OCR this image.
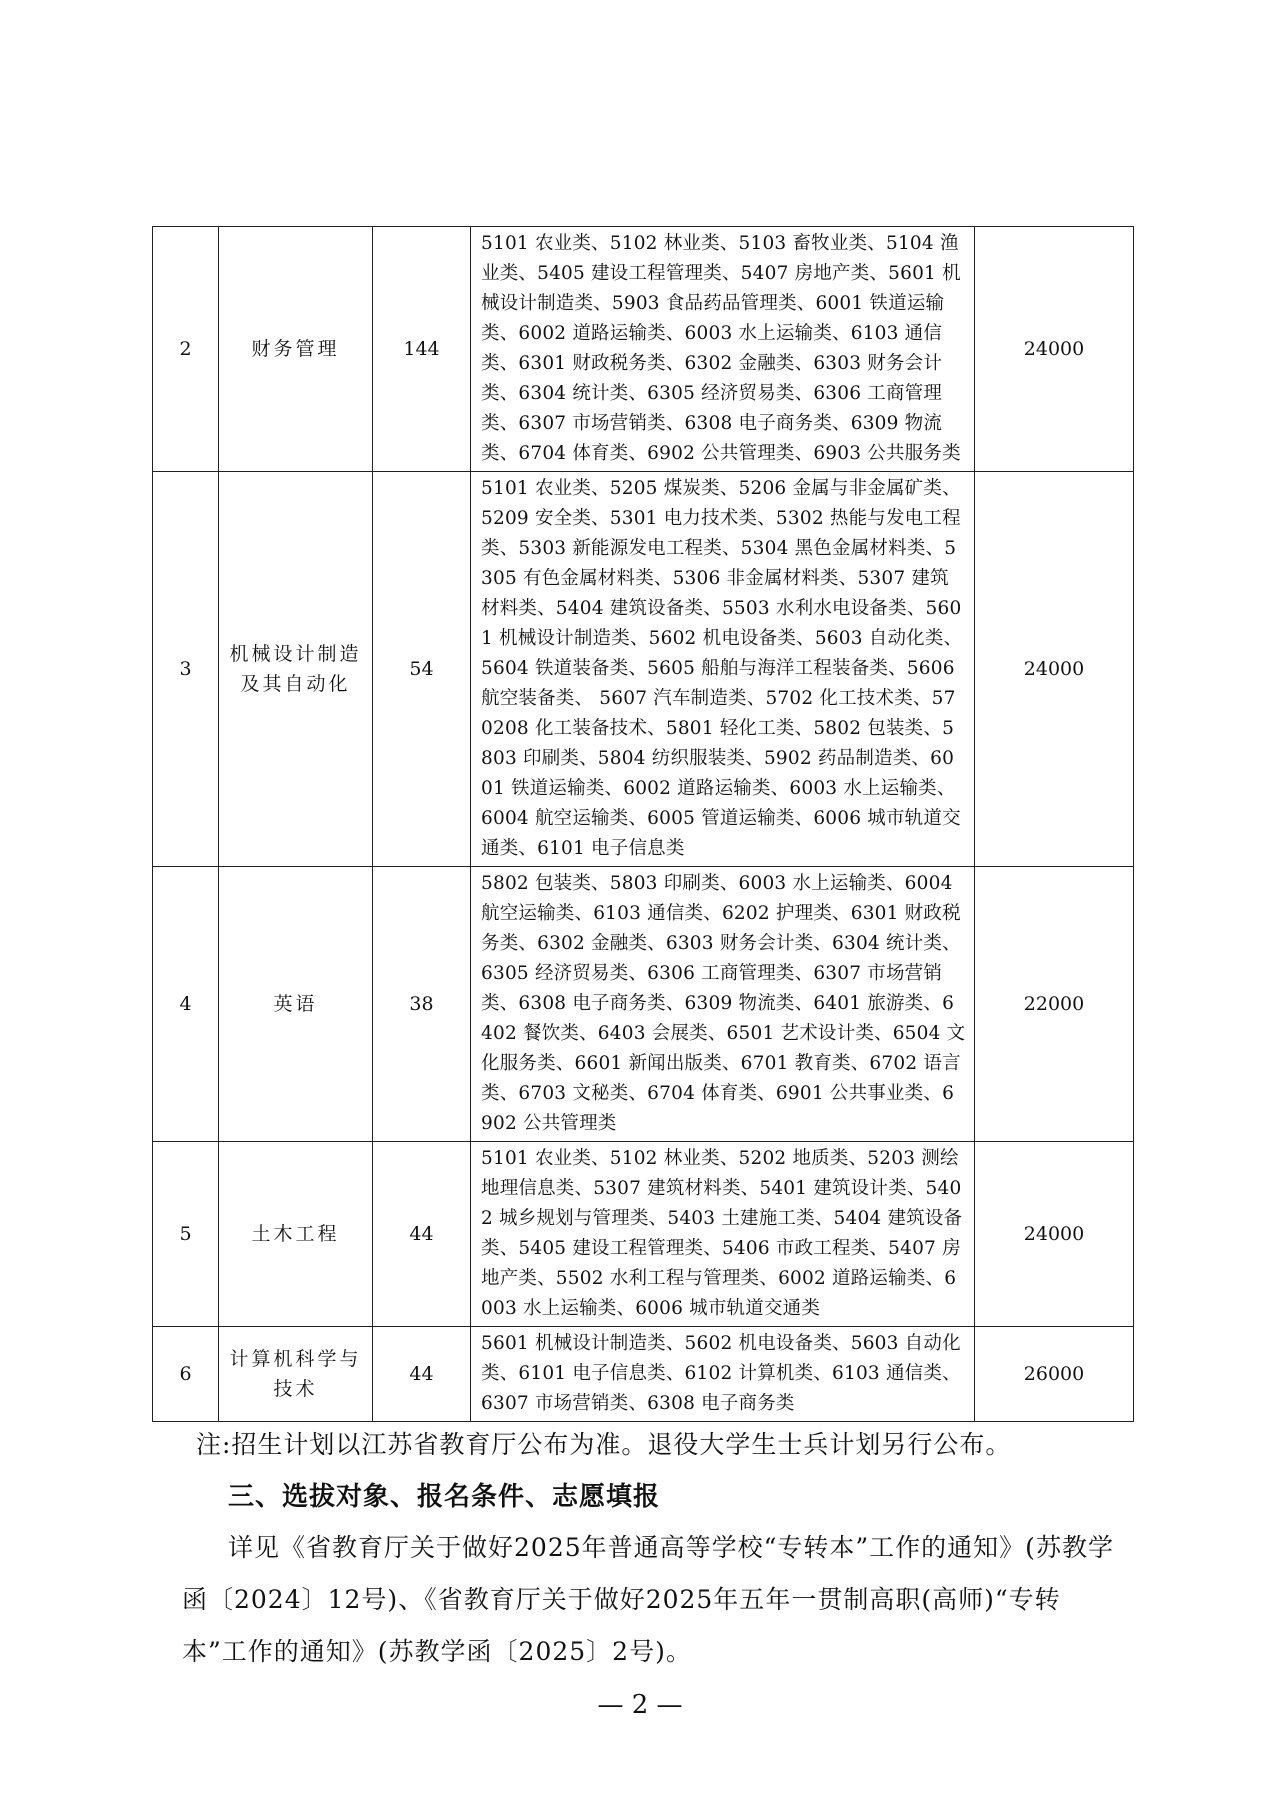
2	财务管理	144	5101 农业类、5102 林业类、5103 畜牧业类、5104 渔业类、5405 建设工程管理类、5407 房地产类、5601 机械设计制造类、5903 食品药品管理类、6001 铁道运输类、6002 道路运输类、6003 水上运输类、6103 通信类、6301 财政税务类、6302 金融类、6303 财务会计类、6304 统计类、6305 经济贸易类、6306 工商管理类、6307 市场营销类、6308 电子商务类、6309 物流类、6704 体育类、6902 公共管理类、6903 公共服务类	24000
3	机械设计制造及其自动化	54	5101 农业类、5205 煤炭类、5206 金属与非金属矿类、5209 安全类、5301 电力技术类、5302 热能与发电工程类、5303 新能源发电工程类、5304 黑色金属材料类、5305 有色金属材料类、5306 非金属材料类、5307 建筑材料类、5404 建筑设备类、5503 水利水电设备类、5601 机械设计制造类、5602 机电设备类、5603 自动化类、5604 铁道装备类、5605 船舶与海洋工程装备类、5606 航空装备类、 5607 汽车制造类、5702 化工技术类、570208 化工装备技术、5801 轻化工类、5802 包装类、5803 印刷类、5804 纺织服装类、5902 药品制造类、6001 铁道运输类、6002 道路运输类、6003 水上运输类、6004 航空运输类、6005 管道运输类、6006 城市轨道交通类、6101 电子信息类	24000
4	英语	38	5802 包装类、5803 印刷类、6003 水上运输类、6004 航空运输类、6103 通信类、6202 护理类、6301 财政税务类、6302 金融类、6303 财务会计类、6304 统计类、6305 经济贸易类、6306 工商管理类、6307 市场营销类、6308 电子商务类、6309 物流类、6401 旅游类、6402 餐饮类、6403 会展类、6501 艺术设计类、6504 文化服务类、6601 新闻出版类、6701 教育类、6702 语言类、6703 文秘类、6704 体育类、6901 公共事业类、6902 公共管理类	22000
5	土木工程	44	5101 农业类、5102 林业类、5202 地质类、5203 测绘地理信息类、5307 建筑材料类、5401 建筑设计类、5402 城乡规划与管理类、5403 土建施工类、5404 建筑设备类、5405 建设工程管理类、5406 市政工程类、5407 房地产类、5502 水利工程与管理类、6002 道路运输类、6003 水上运输类、6006 城市轨道交通类	24000
6	计算机科学与技术	44	5601 机械设计制造类、5602 机电设备类、5603 自动化类、6101 电子信息类、6102 计算机类、6103 通信类、6307 市场营销类、6308 电子商务类	26000
注:招生计划以江苏省教育厅公布为准。退役大学生士兵计划另行公布。
三、选拔对象、报名条件、志愿填报

详见《省教育厅关于做好2025年普通高等学校“专转本”工作的通知》(苏教学函〔2024〕12号)、《省教育厅关于做好2025年五年一贯制高职(高师)“专转本”工作的通知》(苏教学函〔2025〕2号)。

— 2 —
